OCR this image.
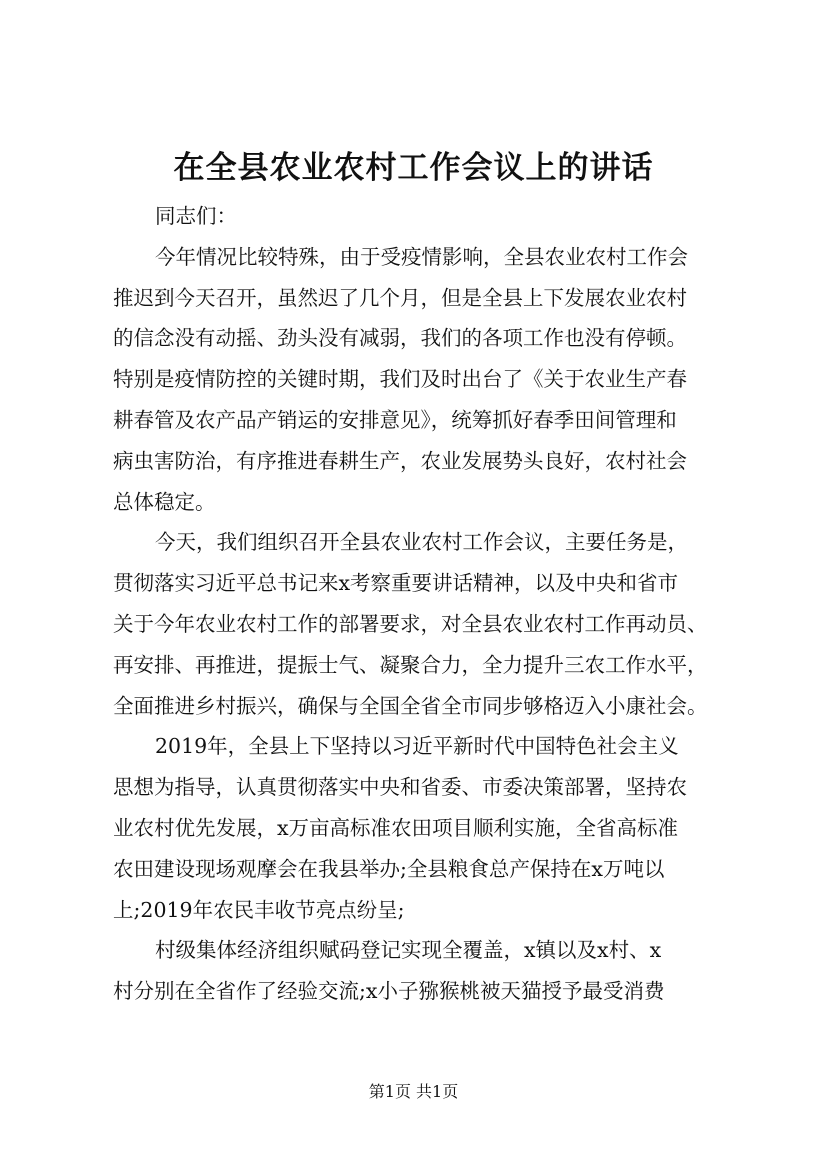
在全县农业农村工作会议上的讲话
同志们：
今年情况比较特殊，由于受疫情影响，全县农业农村工作会
推迟到今天召开，虽然迟了几个月，但是全县上下发展农业农村
的信念没有动摇、劲头没有减弱，我们的各项工作也没有停顿。
特别是疫情防控的关键时期，我们及时出台了《关于农业生产春
耕春管及农产品产销运的安排意见》，统筹抓好春季田间管理和
病虫害防治，有序推进春耕生产，农业发展势头良好，农村社会
总体稳定。
今天，我们组织召开全县农业农村工作会议，主要任务是，
贯彻落实习近平总书记来x考察重要讲话精神，以及中央和省市
关于今年农业农村工作的部署要求，对全县农业农村工作再动员、
再安排、再推进，提振士气、凝聚合力，全力提升三农工作水平，
全面推进乡村振兴，确保与全国全省全市同步够格迈入小康社会。
2019年，全县上下坚持以习近平新时代中国特色社会主义
思想为指导，认真贯彻落实中央和省委、市委决策部署，坚持农
业农村优先发展，x万亩高标准农田项目顺利实施，全省高标准
农田建设现场观摩会在我县举办;全县粮食总产保持在x万吨以
上;2019年农民丰收节亮点纷呈;
村级集体经济组织赋码登记实现全覆盖，x镇以及x村、x
村分别在全省作了经验交流;x小子猕猴桃被天猫授予最受消费
第1页 共1页
